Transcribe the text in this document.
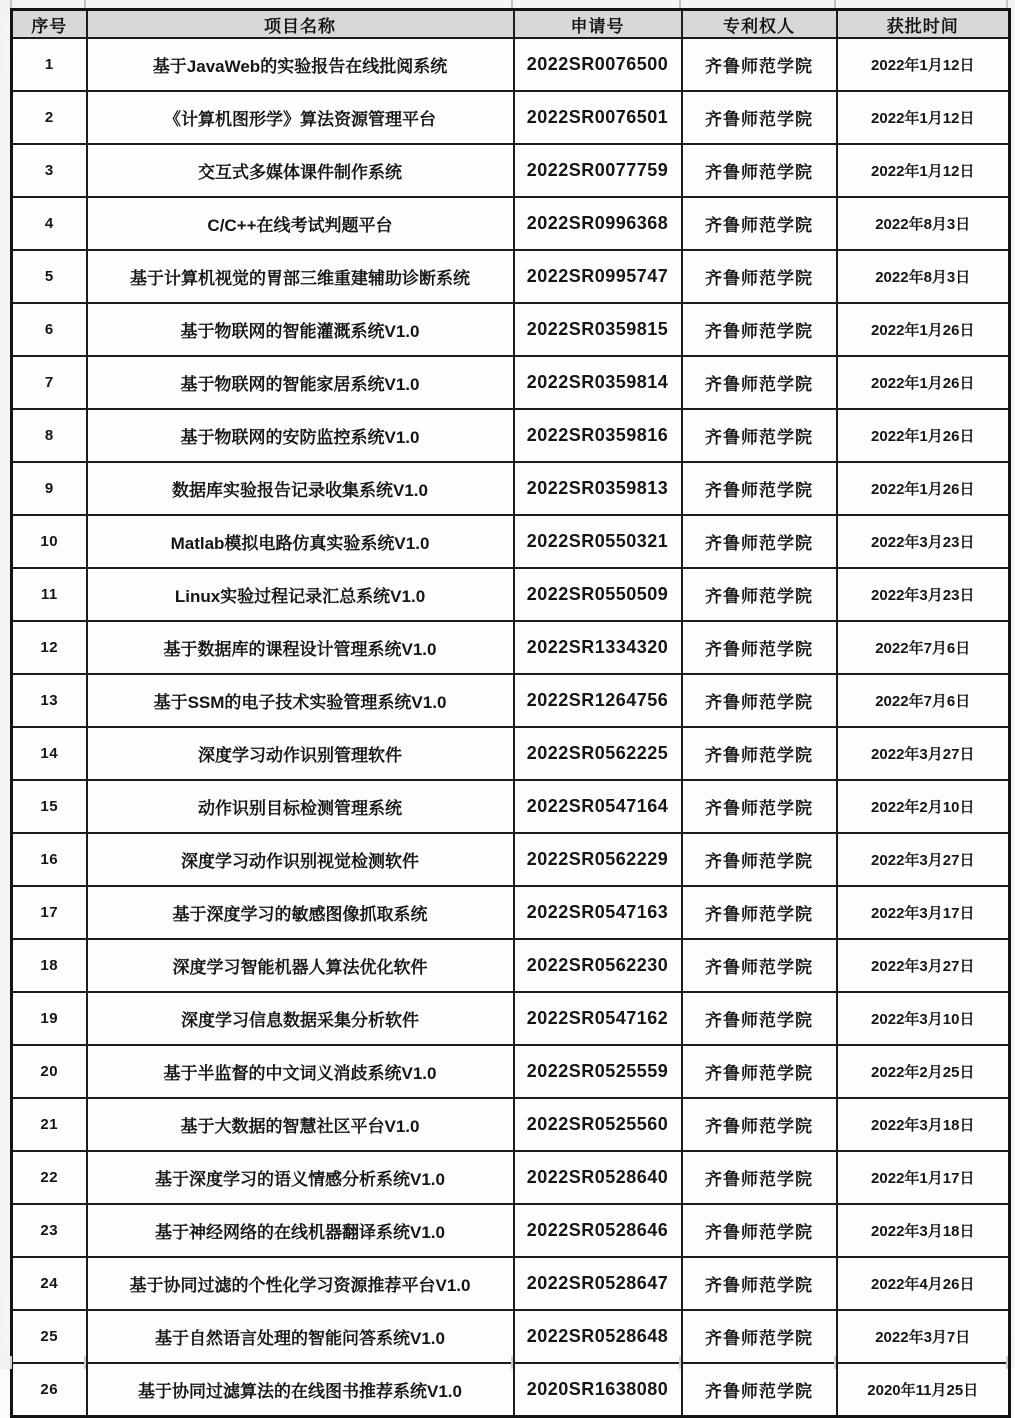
序号	项目名称	申请号	专利权人	获批时间
1	基于JavaWeb的实验报告在线批阅系统	2022SR0076500	齐鲁师范学院	2022年1月12日
2	《计算机图形学》算法资源管理平台	2022SR0076501	齐鲁师范学院	2022年1月12日
3	交互式多媒体课件制作系统	2022SR0077759	齐鲁师范学院	2022年1月12日
4	C/C++在线考试判题平台	2022SR0996368	齐鲁师范学院	2022年8月3日
5	基于计算机视觉的胃部三维重建辅助诊断系统	2022SR0995747	齐鲁师范学院	2022年8月3日
6	基于物联网的智能灌溉系统V1.0	2022SR0359815	齐鲁师范学院	2022年1月26日
7	基于物联网的智能家居系统V1.0	2022SR0359814	齐鲁师范学院	2022年1月26日
8	基于物联网的安防监控系统V1.0	2022SR0359816	齐鲁师范学院	2022年1月26日
9	数据库实验报告记录收集系统V1.0	2022SR0359813	齐鲁师范学院	2022年1月26日
10	Matlab模拟电路仿真实验系统V1.0	2022SR0550321	齐鲁师范学院	2022年3月23日
11	Linux实验过程记录汇总系统V1.0	2022SR0550509	齐鲁师范学院	2022年3月23日
12	基于数据库的课程设计管理系统V1.0	2022SR1334320	齐鲁师范学院	2022年7月6日
13	基于SSM的电子技术实验管理系统V1.0	2022SR1264756	齐鲁师范学院	2022年7月6日
14	深度学习动作识别管理软件	2022SR0562225	齐鲁师范学院	2022年3月27日
15	动作识别目标检测管理系统	2022SR0547164	齐鲁师范学院	2022年2月10日
16	深度学习动作识别视觉检测软件	2022SR0562229	齐鲁师范学院	2022年3月27日
17	基于深度学习的敏感图像抓取系统	2022SR0547163	齐鲁师范学院	2022年3月17日
18	深度学习智能机器人算法优化软件	2022SR0562230	齐鲁师范学院	2022年3月27日
19	深度学习信息数据采集分析软件	2022SR0547162	齐鲁师范学院	2022年3月10日
20	基于半监督的中文词义消歧系统V1.0	2022SR0525559	齐鲁师范学院	2022年2月25日
21	基于大数据的智慧社区平台V1.0	2022SR0525560	齐鲁师范学院	2022年3月18日
22	基于深度学习的语义情感分析系统V1.0	2022SR0528640	齐鲁师范学院	2022年1月17日
23	基于神经网络的在线机器翻译系统V1.0	2022SR0528646	齐鲁师范学院	2022年3月18日
24	基于协同过滤的个性化学习资源推荐平台V1.0	2022SR0528647	齐鲁师范学院	2022年4月26日
25	基于自然语言处理的智能问答系统V1.0	2022SR0528648	齐鲁师范学院	2022年3月7日
26	基于协同过滤算法的在线图书推荐系统V1.0	2020SR1638080	齐鲁师范学院	2020年11月25日
